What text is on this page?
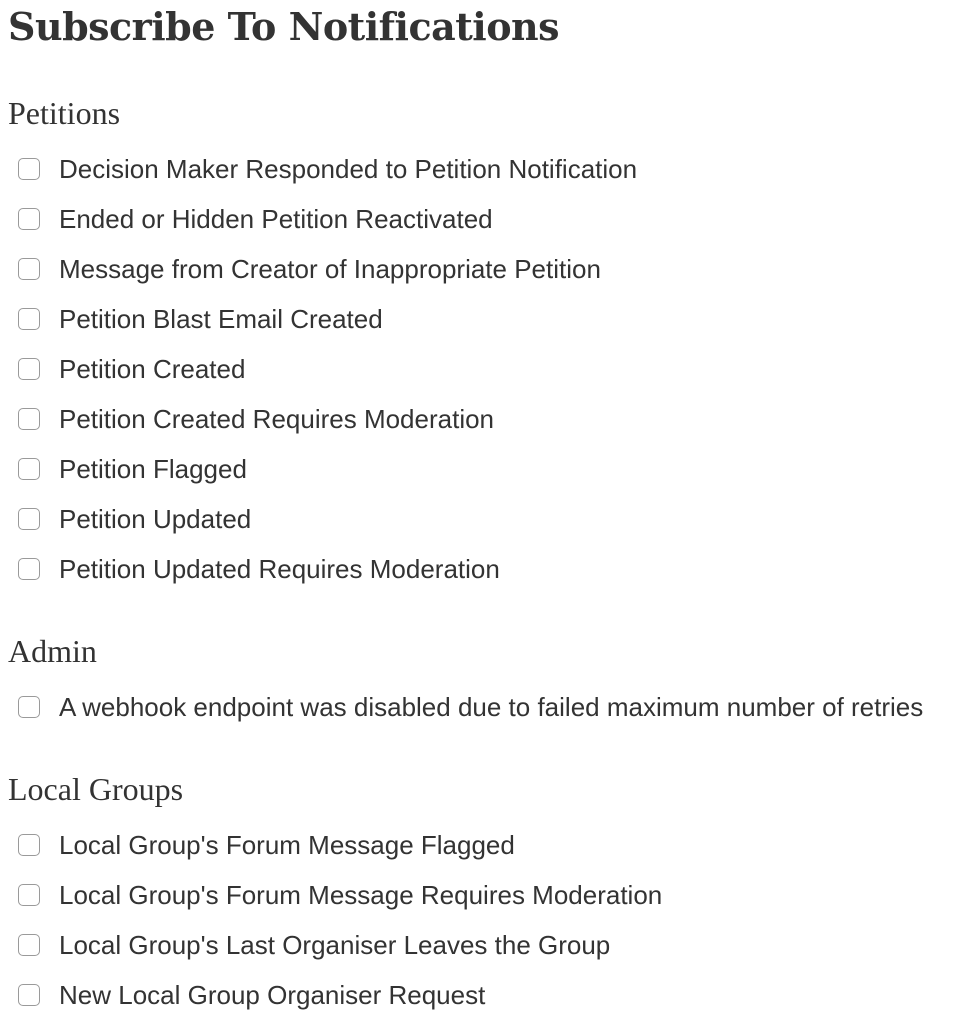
Subscribe To Notifications
Petitions
Decision Maker Responded to Petition Notification
Ended or Hidden Petition Reactivated
Message from Creator of Inappropriate Petition
Petition Blast Email Created
Petition Created
Petition Created Requires Moderation
Petition Flagged
Petition Updated
Petition Updated Requires Moderation
Admin
A webhook endpoint was disabled due to failed maximum number of retries
Local Groups
Local Group's Forum Message Flagged
Local Group's Forum Message Requires Moderation
Local Group's Last Organiser Leaves the Group
New Local Group Organiser Request
